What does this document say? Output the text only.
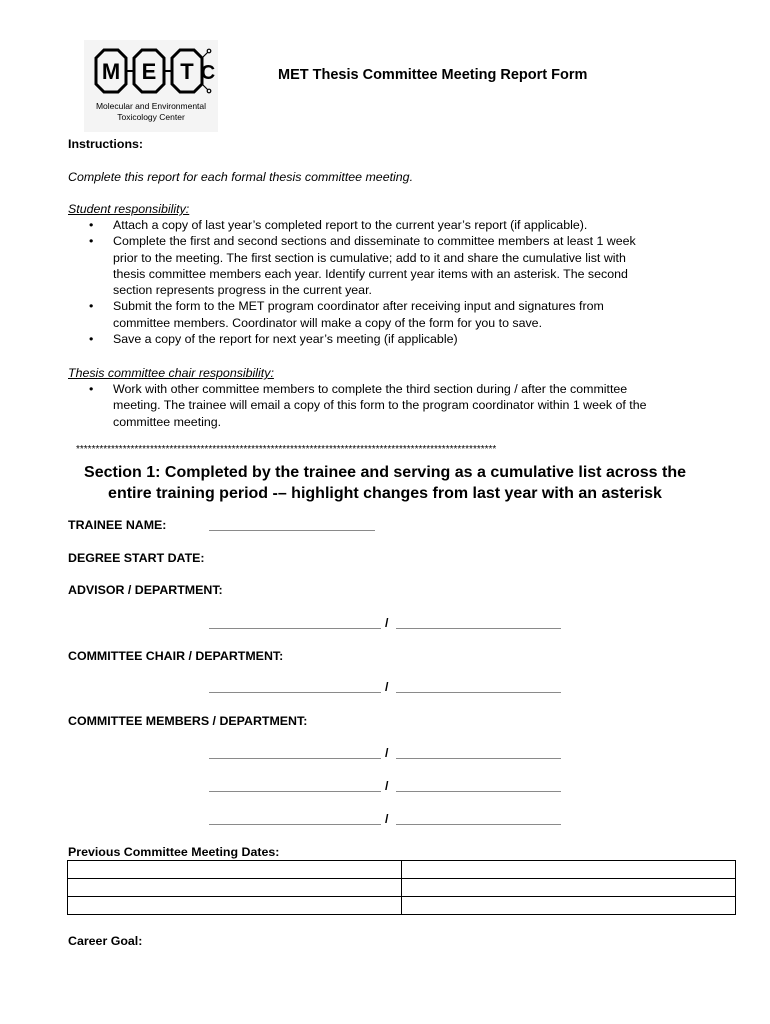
M E T C
Molecular and Environmental
Toxicology Center
MET Thesis Committee Meeting Report Form
Instructions:
Complete this report for each formal thesis committee meeting.
Student responsibility:
• Attach a copy of last year’s completed report to the current year’s report (if applicable).
• Complete the first and second sections and disseminate to committee members at least 1 week
prior to the meeting. The first section is cumulative; add to it and share the cumulative list with
thesis committee members each year. Identify current year items with an asterisk. The second
section represents progress in the current year.
• Submit the form to the MET program coordinator after receiving input and signatures from
committee members. Coordinator will make a copy of the form for you to save.
• Save a copy of the report for next year’s meeting (if applicable)
Thesis committee chair responsibility:
• Work with other committee members to complete the third section during / after the committee
meeting. The trainee will email a copy of this form to the program coordinator within 1 week of the
committee meeting.
************************************************************************************************************
Section 1: Completed by the trainee and serving as a cumulative list across the
entire training period -– highlight changes from last year with an asterisk
TRAINEE NAME:
DEGREE START DATE:
ADVISOR / DEPARTMENT:
/
COMMITTEE CHAIR / DEPARTMENT:
/
COMMITTEE MEMBERS / DEPARTMENT:
/
/
/
Previous Committee Meeting Dates:

Career Goal:
